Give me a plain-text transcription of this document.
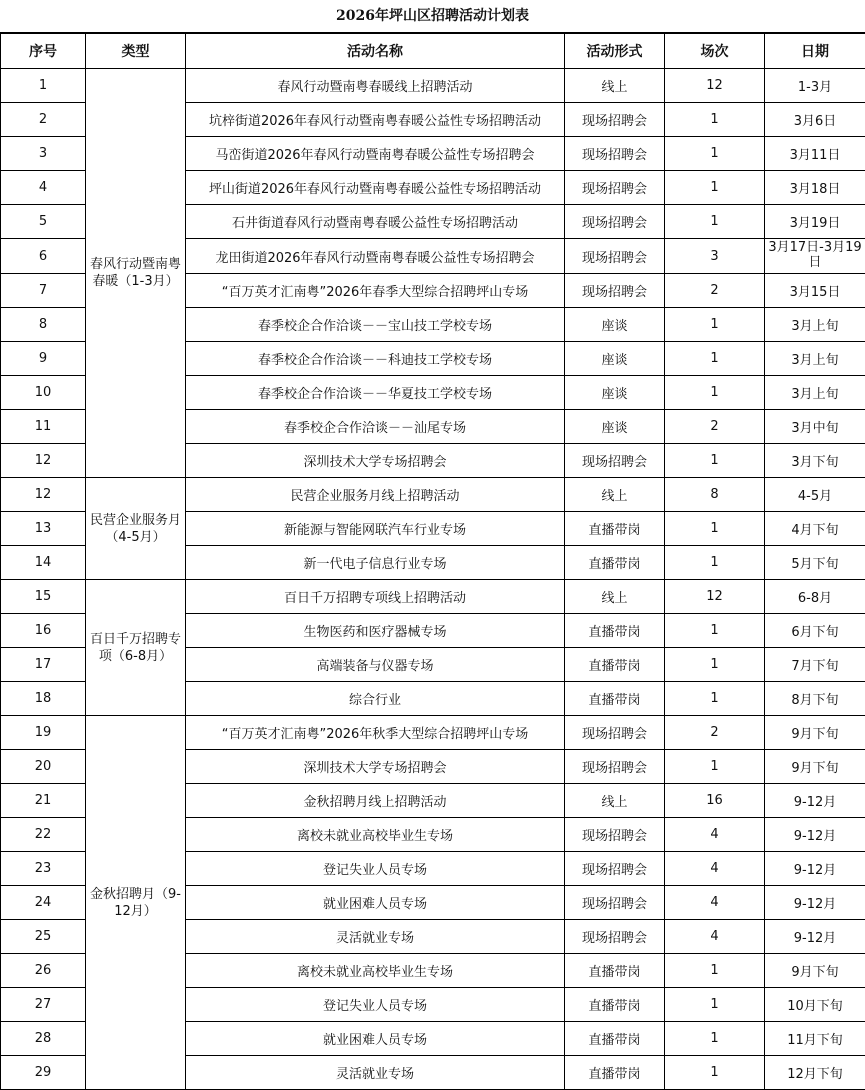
2026年坪山区招聘活动计划表
序号	类型	活动名称	活动形式	场次	日期
1	春风行动暨南粤春暖（1-3月）	春风行动暨南粤春暖线上招聘活动	线上	12	1-3月
2		坑梓街道2026年春风行动暨南粤春暖公益性专场招聘活动	现场招聘会	1	3月6日
3		马峦街道2026年春风行动暨南粤春暖公益性专场招聘会	现场招聘会	1	3月11日
4		坪山街道2026年春风行动暨南粤春暖公益性专场招聘活动	现场招聘会	1	3月18日
5		石井街道春风行动暨南粤春暖公益性专场招聘活动	现场招聘会	1	3月19日
6		龙田街道2026年春风行动暨南粤春暖公益性专场招聘会	现场招聘会	3	3月17日-3月19日
7		“百万英才汇南粤”2026年春季大型综合招聘坪山专场	现场招聘会	2	3月15日
8		春季校企合作洽谈－－宝山技工学校专场	座谈	1	3月上旬
9		春季校企合作洽谈－－科迪技工学校专场	座谈	1	3月上旬
10		春季校企合作洽谈－－华夏技工学校专场	座谈	1	3月上旬
11		春季校企合作洽谈－－汕尾专场	座谈	2	3月中旬
12		深圳技术大学专场招聘会	现场招聘会	1	3月下旬
12	民营企业服务月（4-5月）	民营企业服务月线上招聘活动	线上	8	4-5月
13		新能源与智能网联汽车行业专场	直播带岗	1	4月下旬
14		新一代电子信息行业专场	直播带岗	1	5月下旬
15	百日千万招聘专项（6-8月）	百日千万招聘专项线上招聘活动	线上	12	6-8月
16		生物医药和医疗器械专场	直播带岗	1	6月下旬
17		高端装备与仪器专场	直播带岗	1	7月下旬
18		综合行业	直播带岗	1	8月下旬
19	金秋招聘月（9-12月）	“百万英才汇南粤”2026年秋季大型综合招聘坪山专场	现场招聘会	2	9月下旬
20		深圳技术大学专场招聘会	现场招聘会	1	9月下旬
21		金秋招聘月线上招聘活动	线上	16	9-12月
22		离校未就业高校毕业生专场	现场招聘会	4	9-12月
23		登记失业人员专场	现场招聘会	4	9-12月
24		就业困难人员专场	现场招聘会	4	9-12月
25		灵活就业专场	现场招聘会	4	9-12月
26		离校未就业高校毕业生专场	直播带岗	1	9月下旬
27		登记失业人员专场	直播带岗	1	10月下旬
28		就业困难人员专场	直播带岗	1	11月下旬
29		灵活就业专场	直播带岗	1	12月下旬
